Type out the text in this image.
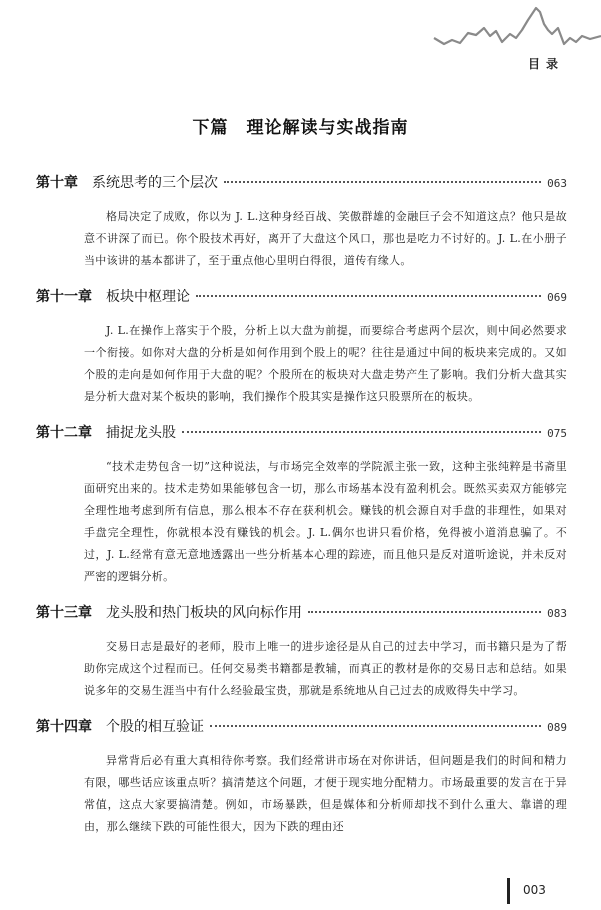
目录
下篇 理论解读与实战指南
第十章 系统思考的三个层次	063
格局决定了成败，你以为 J. L.这种身经百战、笑傲群雄的金融巨子会不知道这点？他只是故意不讲深了而已。你个股技术再好，离开了大盘这个风口，那也是吃力不讨好的。J. L.在小册子当中该讲的基本都讲了，至于重点他心里明白得很，道传有缘人。
第十一章 板块中枢理论	069
J. L.在操作上落实于个股，分析上以大盘为前提，而要综合考虑两个层次，则中间必然要求一个衔接。如你对大盘的分析是如何作用到个股上的呢？往往是通过中间的板块来完成的。又如个股的走向是如何作用于大盘的呢？个股所在的板块对大盘走势产生了影响。我们分析大盘其实是分析大盘对某个板块的影响，我们操作个股其实是操作这只股票所在的板块。
第十二章 捕捉龙头股	075
“技术走势包含一切”这种说法，与市场完全效率的学院派主张一致，这种主张纯粹是书斋里面研究出来的。技术走势如果能够包含一切，那么市场基本没有盈利机会。既然买卖双方能够完全理性地考虑到所有信息，那么根本不存在获利机会。赚钱的机会源自对手盘的非理性，如果对手盘完全理性，你就根本没有赚钱的机会。J. L.偶尔也讲只看价格，免得被小道消息骗了。不过，J. L.经常有意无意地透露出一些分析基本心理的踪迹，而且他只是反对道听途说，并未反对严密的逻辑分析。
第十三章 龙头股和热门板块的风向标作用	083
交易日志是最好的老师，股市上唯一的进步途径是从自己的过去中学习，而书籍只是为了帮助你完成这个过程而已。任何交易类书籍都是教辅，而真正的教材是你的交易日志和总结。如果说多年的交易生涯当中有什么经验最宝贵，那就是系统地从自己过去的成败得失中学习。
第十四章 个股的相互验证	089
异常背后必有重大真相待你考察。我们经常讲市场在对你讲话，但问题是我们的时间和精力有限，哪些话应该重点听？搞清楚这个问题，才便于现实地分配精力。市场最重要的发言在于异常值，这点大家要搞清楚。例如，市场暴跌，但是媒体和分析师却找不到什么重大、靠谱的理由，那么继续下跌的可能性很大，因为下跌的理由还
003
